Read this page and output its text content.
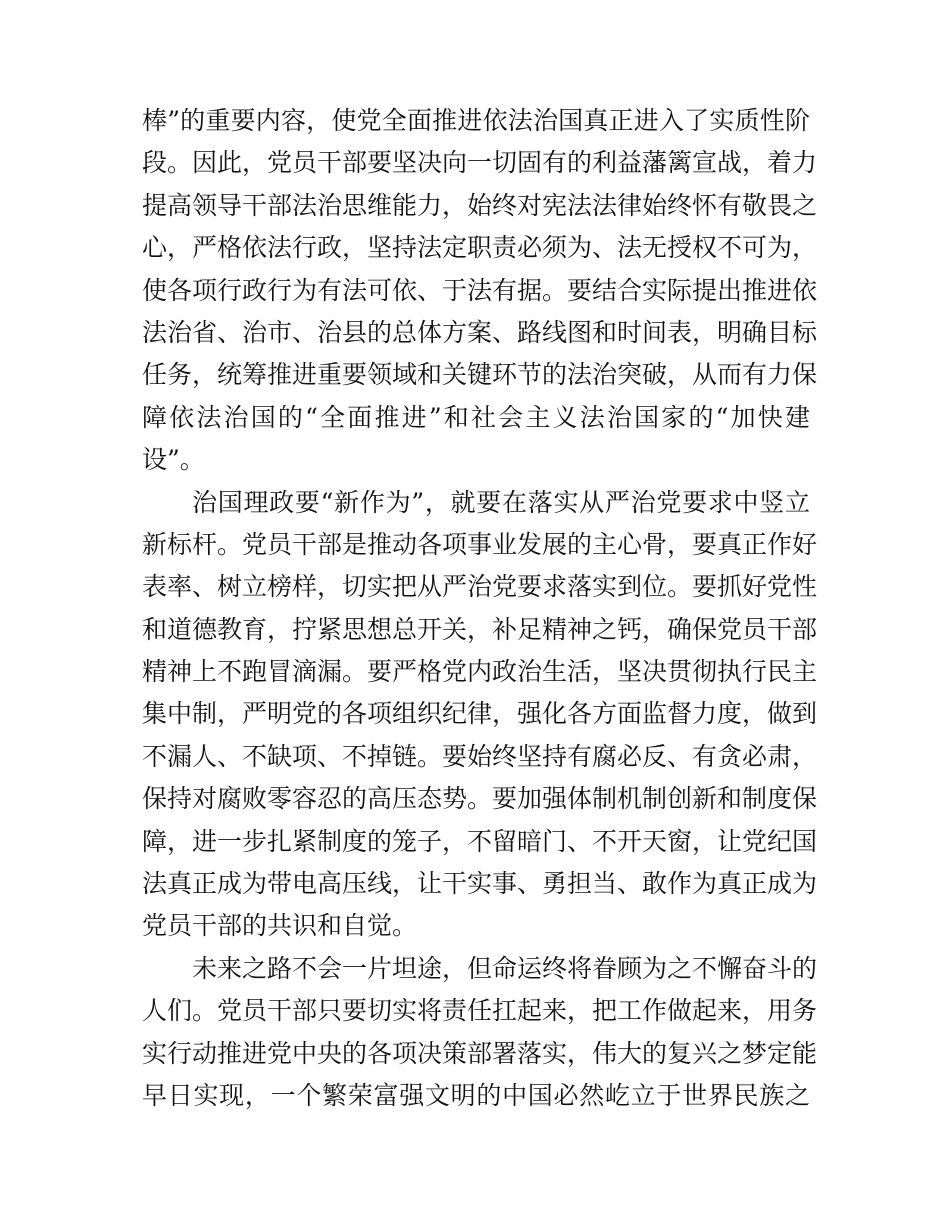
棒”的重要内容，使党全面推进依法治国真正进入了实质性阶
段。因此，党员干部要坚决向一切固有的利益藩篱宣战，着力
提高领导干部法治思维能力，始终对宪法法律始终怀有敬畏之
心，严格依法行政，坚持法定职责必须为、法无授权不可为，
使各项行政行为有法可依、于法有据。要结合实际提出推进依
法治省、治市、治县的总体方案、路线图和时间表，明确目标
任务，统筹推进重要领域和关键环节的法治突破，从而有力保
障依法治国的“全面推进”和社会主义法治国家的“加快建
设”。
治国理政要“新作为”，就要在落实从严治党要求中竖立
新标杆。党员干部是推动各项事业发展的主心骨，要真正作好
表率、树立榜样，切实把从严治党要求落实到位。要抓好党性
和道德教育，拧紧思想总开关，补足精神之钙，确保党员干部
精神上不跑冒滴漏。要严格党内政治生活，坚决贯彻执行民主
集中制，严明党的各项组织纪律，强化各方面监督力度，做到
不漏人、不缺项、不掉链。要始终坚持有腐必反、有贪必肃，
保持对腐败零容忍的高压态势。要加强体制机制创新和制度保
障，进一步扎紧制度的笼子，不留暗门、不开天窗，让党纪国
法真正成为带电高压线，让干实事、勇担当、敢作为真正成为
党员干部的共识和自觉。
未来之路不会一片坦途，但命运终将眷顾为之不懈奋斗的
人们。党员干部只要切实将责任扛起来，把工作做起来，用务
实行动推进党中央的各项决策部署落实，伟大的复兴之梦定能
早日实现，一个繁荣富强文明的中国必然屹立于世界民族之
